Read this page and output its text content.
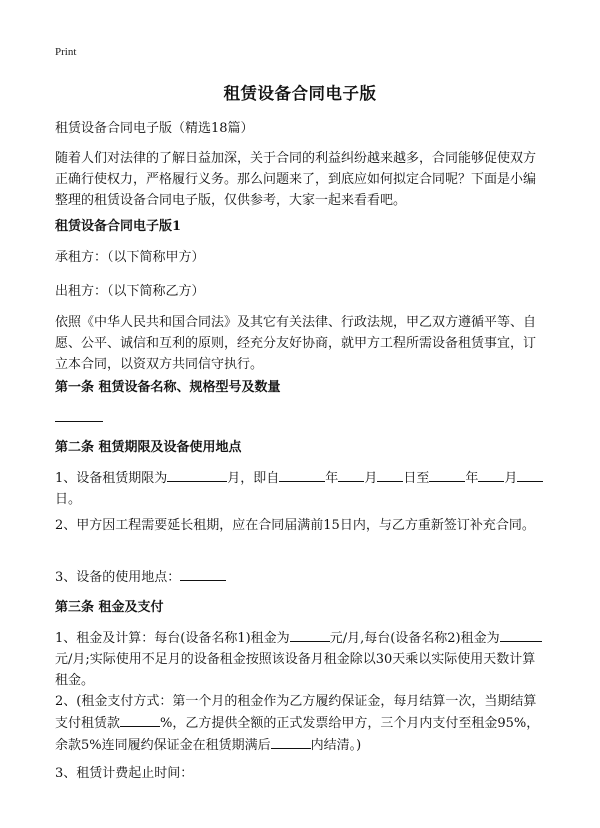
Print
租赁设备合同电子版

租赁设备合同电子版（精选18篇）

随着人们对法律的了解日益加深，关于合同的利益纠纷越来越多，合同能够促使双方正确行使权力，严格履行义务。那么问题来了，到底应如何拟定合同呢？下面是小编整理的租赁设备合同电子版，仅供参考，大家一起来看看吧。

租赁设备合同电子版1

承租方：（以下简称甲方）

出租方：（以下简称乙方）

依照《中华人民共和国合同法》及其它有关法律、行政法规，甲乙双方遵循平等、自愿、公平、诚信和互利的原则，经充分友好协商，就甲方工程所需设备租赁事宜，订立本合同，以资双方共同信守执行。

第一条 租赁设备名称、规格型号及数量

第二条 租赁期限及设备使用地点

1、设备租赁期限为	月，即自	年 月 日至	年 月日。

2、甲方因工程需要延长租期，应在合同届满前15日内，与乙方重新签订补充合同。

3、设备的使用地点：

第三条 租金及支付

1、租金及计算：每台(设备名称1)租金为	元/月,每台(设备名称2)租金为元/月;实际使用不足月的设备租金按照该设备月租金除以30天乘以实际使用天数计算租金。

2、(租金支付方式：第一个月的租金作为乙方履约保证金，每月结算一次，当期结算支付租赁款	%，乙方提供全额的正式发票给甲方，三个月内支付至租金95%，余款5%连同履约保证金在租赁期满后	内结清。)

3、租赁计费起止时间：
